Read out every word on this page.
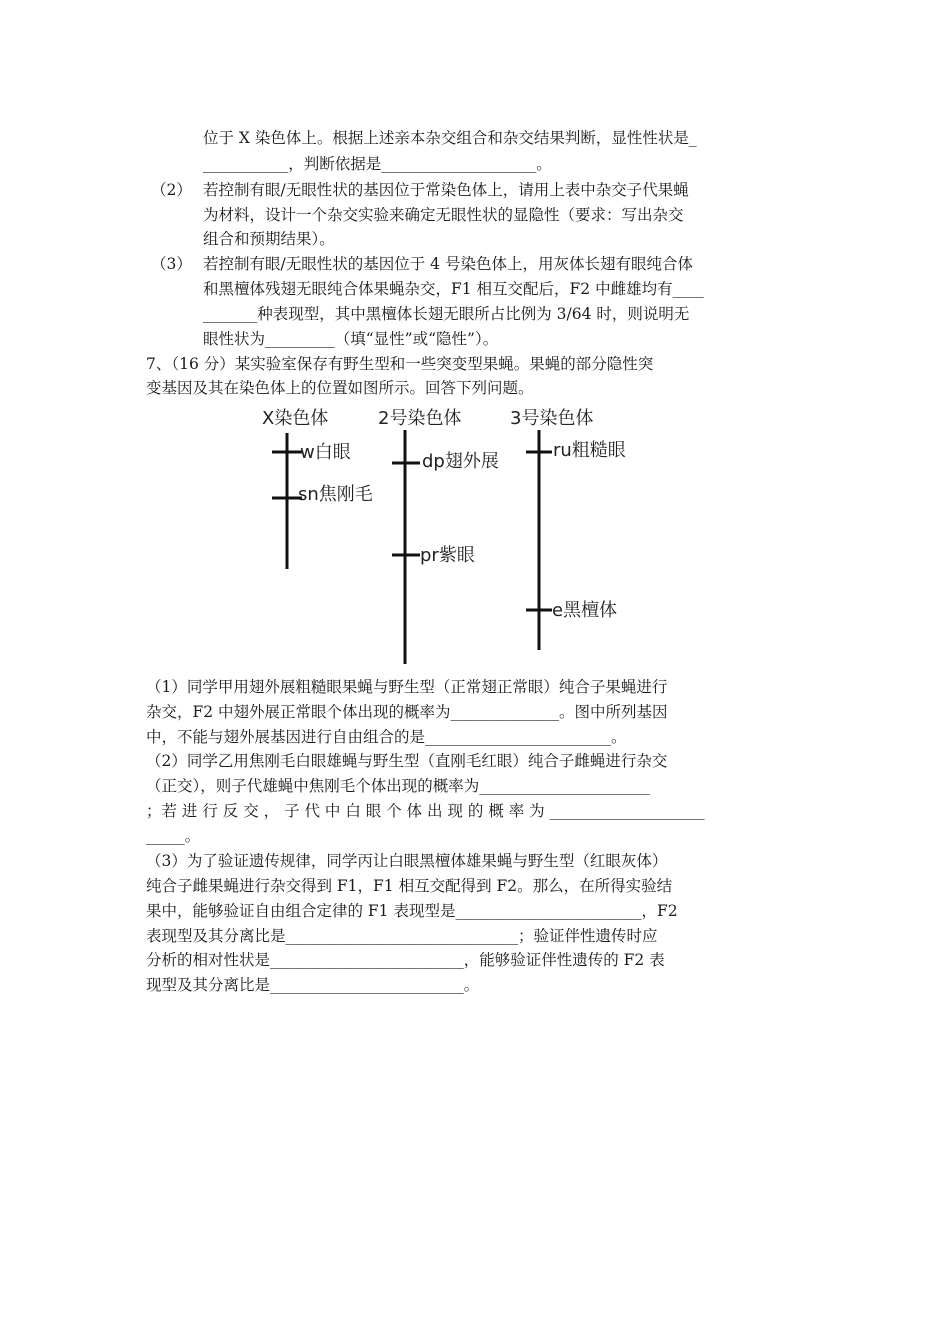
位于 X 染色体上。根据上述亲本杂交组合和杂交结果判断，显性性状是_
___________，判断依据是____________________。
（2） 若控制有眼/无眼性状的基因位于常染色体上，请用上表中杂交子代果蝇
为材料，设计一个杂交实验来确定无眼性状的显隐性（要求：写出杂交
组合和预期结果）。
（3） 若控制有眼/无眼性状的基因位于 4 号染色体上，用灰体长翅有眼纯合体
和黑檀体残翅无眼纯合体果蝇杂交，F1 相互交配后，F2 中雌雄均有____
_______种表现型，其中黑檀体长翅无眼所占比例为 3/64 时，则说明无
眼性状为_________（填“显性”或“隐性”）。
7、（16 分）某实验室保存有野生型和一些突变型果蝇。果蝇的部分隐性突
变基因及其在染色体上的位置如图所示。回答下列问题。
X染色体
w白眼
sn焦刚毛
2号染色体
dp翅外展
pr紫眼
3号染色体
ru粗糙眼
e黑檀体
（1）同学甲用翅外展粗糙眼果蝇与野生型（正常翅正常眼）纯合子果蝇进行
杂交，F2 中翅外展正常眼个体出现的概率为______________。图中所列基因
中，不能与翅外展基因进行自由组合的是________________________。
（2）同学乙用焦刚毛白眼雄蝇与野生型（直刚毛红眼）纯合子雌蝇进行杂交
（正交），则子代雄蝇中焦刚毛个体出现的概率为______________________
；若 进 行 反 交 ， 子 代 中 白 眼 个 体 出 现 的 概 率 为 ____________________
_____。
（3）为了验证遗传规律，同学丙让白眼黑檀体雄果蝇与野生型（红眼灰体）
纯合子雌果蝇进行杂交得到 F1，F1 相互交配得到 F2。那么，在所得实验结
果中，能够验证自由组合定律的 F1 表现型是________________________，F2
表现型及其分离比是______________________________；验证伴性遗传时应
分析的相对性状是_________________________，能够验证伴性遗传的 F2 表
现型及其分离比是_________________________。
